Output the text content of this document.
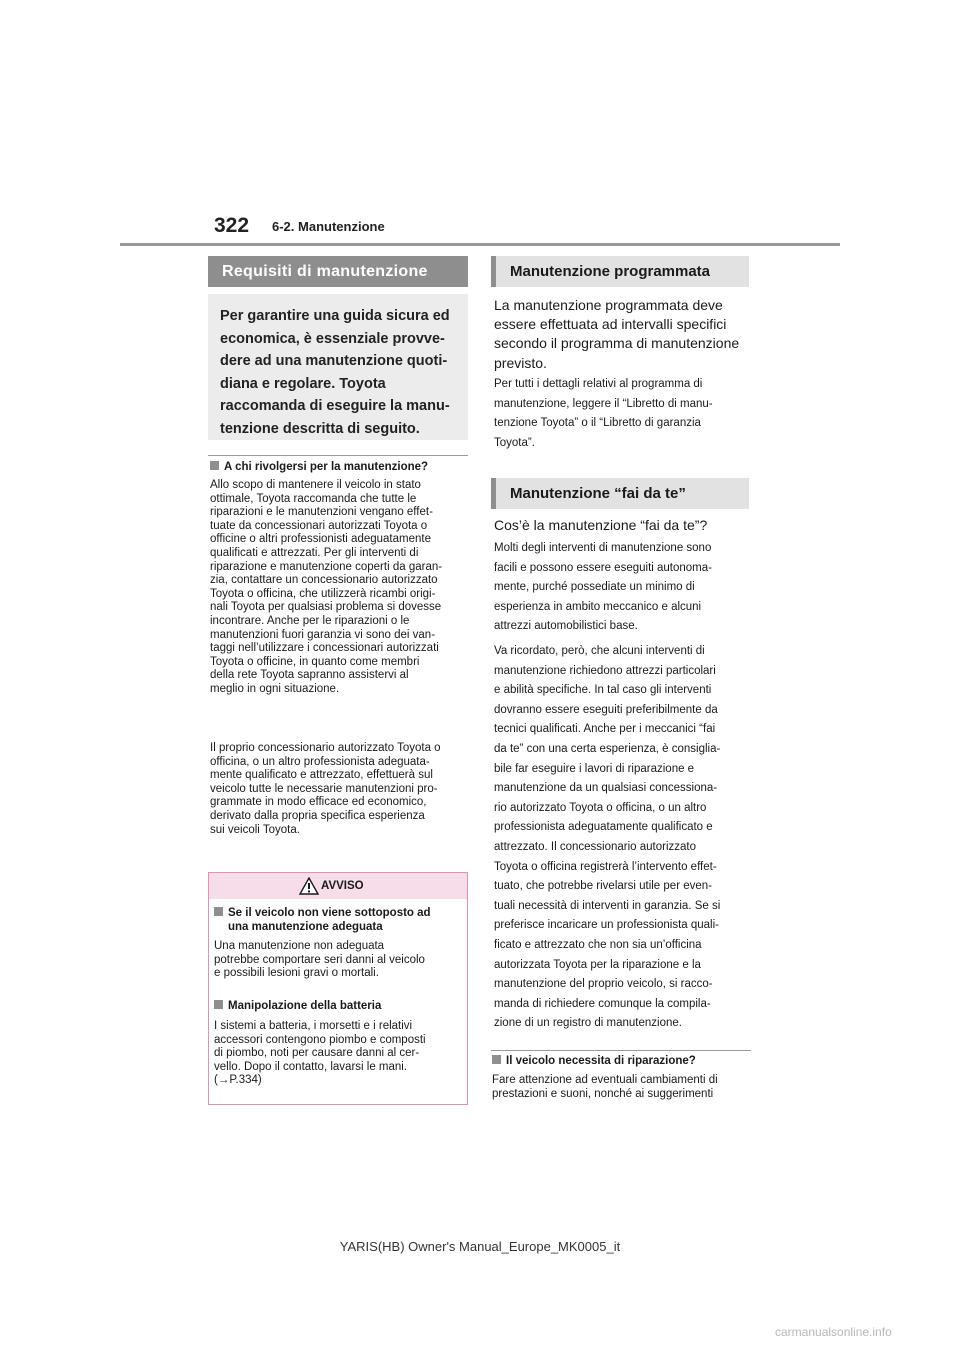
322 6-2. Manutenzione
Requisiti di manutenzione
Per garantire una guida sicura ed
economica, è essenziale provve-
dere ad una manutenzione quoti-
diana e regolare. Toyota
raccomanda di eseguire la manu-
tenzione descritta di seguito.
A chi rivolgersi per la manutenzione?

Allo scopo di mantenere il veicolo in stato

ottimale, Toyota raccomanda che tutte le

riparazioni e le manutenzioni vengano effet-

tuate da concessionari autorizzati Toyota o

officine o altri professionisti adeguatamente

qualificati e attrezzati. Per gli interventi di

riparazione e manutenzione coperti da garan-

zia, contattare un concessionario autorizzato

Toyota o officina, che utilizzerà ricambi origi-

nali Toyota per qualsiasi problema si dovesse

incontrare. Anche per le riparazioni o le

manutenzioni fuori garanzia vi sono dei van-

taggi nell’utilizzare i concessionari autorizzati

Toyota o officine, in quanto come membri

della rete Toyota sapranno assistervi al

meglio in ogni situazione.

Il proprio concessionario autorizzato Toyota o

officina, o un altro professionista adeguata-

mente qualificato e attrezzato, effettuerà sul

veicolo tutte le necessarie manutenzioni pro-

grammate in modo efficace ed economico,

derivato dalla propria specifica esperienza

sui veicoli Toyota.

AVVISO
Se il veicolo non viene sottoposto ad
una manutenzione adeguata

Una manutenzione non adeguata

potrebbe comportare seri danni al veicolo

e possibili lesioni gravi o mortali.

Manipolazione della batteria

I sistemi a batteria, i morsetti e i relativi

accessori contengono piombo e composti

di piombo, noti per causare danni al cer-

vello. Dopo il contatto, lavarsi le mani.

(→P.334)

Manutenzione programmata
La manutenzione programmata deve
essere effettuata ad intervalli specifici
secondo il programma di manutenzione
previsto.

Per tutti i dettagli relativi al programma di

manutenzione, leggere il “Libretto di manu-

tenzione Toyota” o il “Libretto di garanzia

Toyota”.

Manutenzione “fai da te”
Cos’è la manutenzione “fai da te”?

Molti degli interventi di manutenzione sono

facili e possono essere eseguiti autonoma-

mente, purché possediate un minimo di

esperienza in ambito meccanico e alcuni

attrezzi automobilistici base.

Va ricordato, però, che alcuni interventi di

manutenzione richiedono attrezzi particolari

e abilità specifiche. In tal caso gli interventi

dovranno essere eseguiti preferibilmente da

tecnici qualificati. Anche per i meccanici “fai

da te” con una certa esperienza, è consiglia-

bile far eseguire i lavori di riparazione e

manutenzione da un qualsiasi concessiona-

rio autorizzato Toyota o officina, o un altro

professionista adeguatamente qualificato e

attrezzato. Il concessionario autorizzato

Toyota o officina registrerà l’intervento effet-

tuato, che potrebbe rivelarsi utile per even-

tuali necessità di interventi in garanzia. Se si

preferisce incaricare un professionista quali-

ficato e attrezzato che non sia un’officina

autorizzata Toyota per la riparazione e la

manutenzione del proprio veicolo, si racco-

manda di richiedere comunque la compila-

zione di un registro di manutenzione.

Il veicolo necessita di riparazione?

Fare attenzione ad eventuali cambiamenti di

prestazioni e suoni, nonché ai suggerimenti

YARIS(HB) Owner's Manual_Europe_MK0005_it
carmanualsonline.info
